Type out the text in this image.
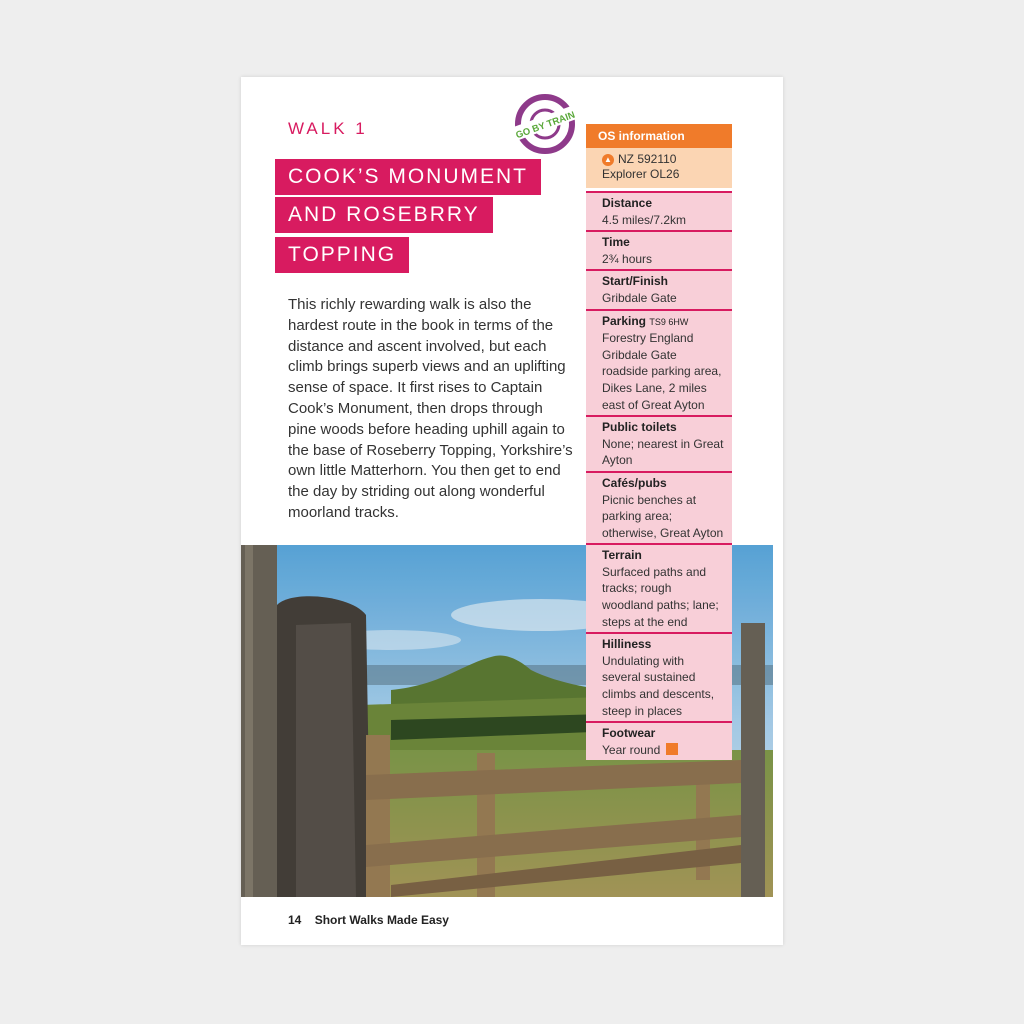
WALK 1
COOK’S MONUMENT
AND ROSEBRRY
TOPPING
GO BY TRAIN
This richly rewarding walk is also the hardest route in the book in terms of the distance and ascent involved, but each climb brings superb views and an uplifting sense of space. It first rises to Captain Cook’s Monument, then drops through pine woods before heading uphill again to the base of Roseberry Topping, Yorkshire’s own little Matterhorn. You then get to end the day by striding out along wonderful moorland tracks.
OS information
▲ NZ 592110
Explorer OL26
Distance
4.5 miles/7.2km
Time
2¾ hours
Start/Finish
Gribdale Gate
Parking TS9 6HW
Forestry England Gribdale Gate roadside parking area, Dikes Lane, 2 miles east of Great Ayton
Public toilets
None; nearest in Great Ayton
Cafés/pubs
Picnic benches at parking area; otherwise, Great Ayton
Terrain
Surfaced paths and tracks; rough woodland paths; lane; steps at the end
Hilliness
Undulating with several sustained climbs and descents, steep in places
Footwear
Year round
14 Short Walks Made Easy
